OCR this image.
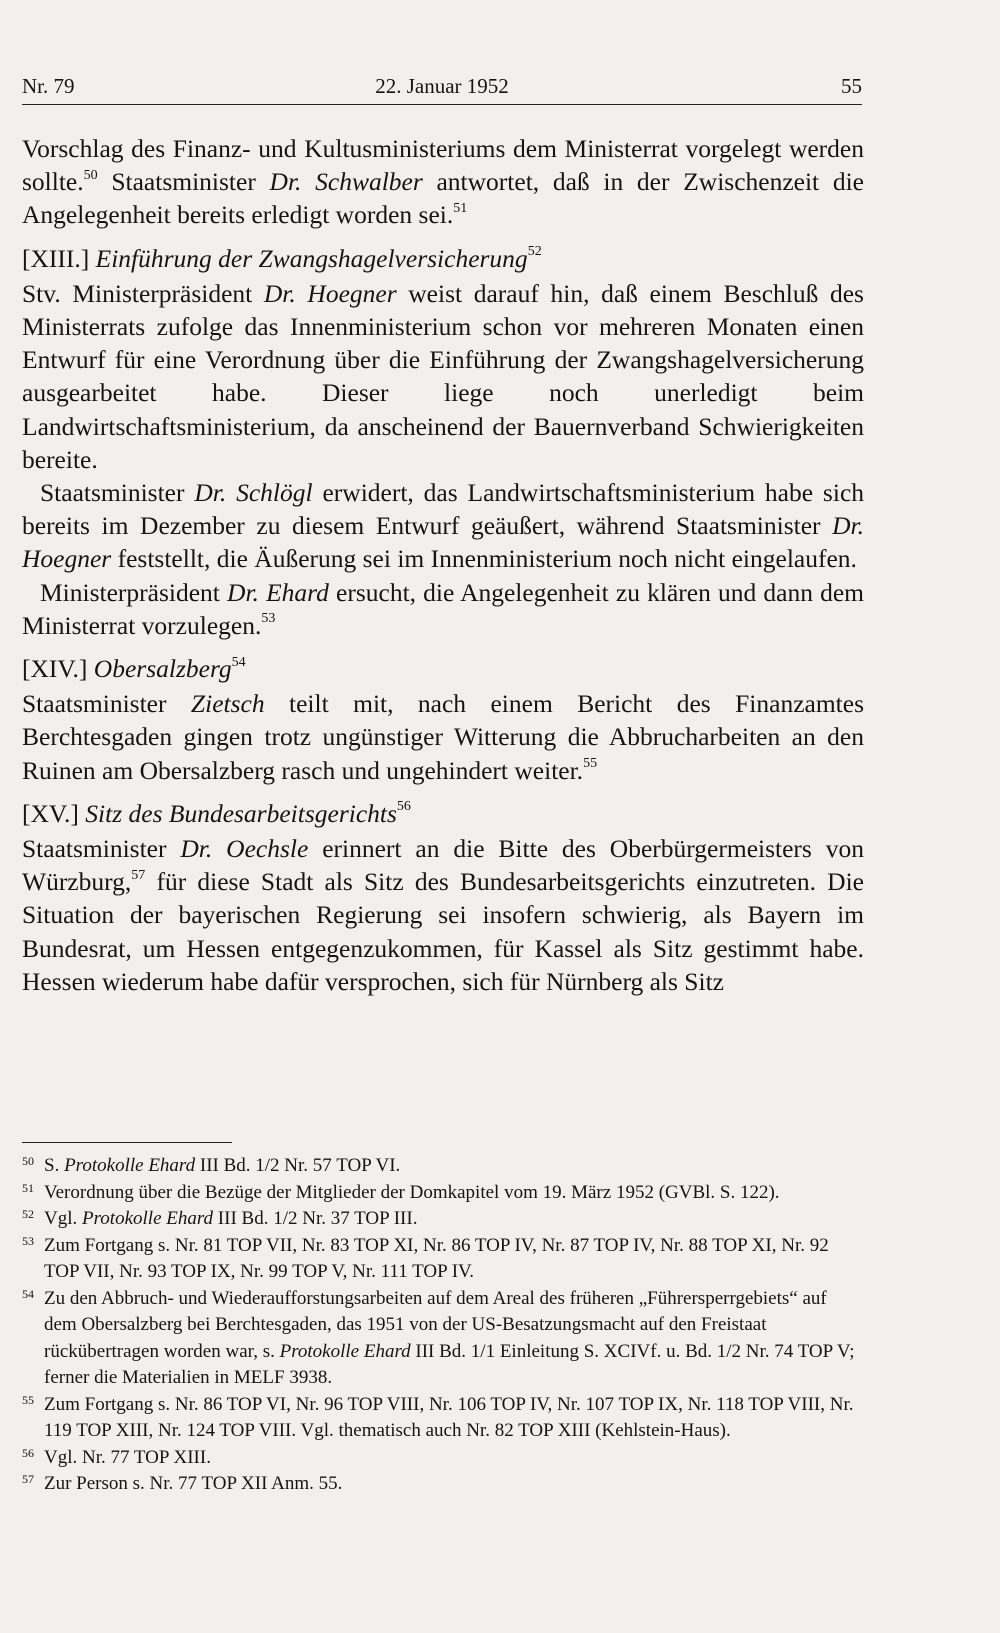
Nr. 79	22. Januar 1952	55

Vorschlag des Finanz- und Kultusministeriums dem Ministerrat vorgelegt werden sollte.$^{50}$ Staatsminister Dr. Schwalber antwortet, daß in der Zwischenzeit die Angelegenheit bereits erledigt worden sei.$^{51}$

[XIII.] Einführung der Zwangshagelversicherung$^{52}$

Stv. Ministerpräsident Dr. Hoegner weist darauf hin, daß einem Beschluß des Ministerrats zufolge das Innenministerium schon vor mehreren Monaten einen Entwurf für eine Verordnung über die Einführung der Zwangshagelversicherung ausgearbeitet habe. Dieser liege noch unerledigt beim Landwirtschaftsministerium, da anscheinend der Bauernverband Schwierigkeiten bereite.

Staatsminister Dr. Schlögl erwidert, das Landwirtschaftsministerium habe sich bereits im Dezember zu diesem Entwurf geäußert, während Staatsminister Dr. Hoegner feststellt, die Äußerung sei im Innenministerium noch nicht eingelaufen.

Ministerpräsident Dr. Ehard ersucht, die Angelegenheit zu klären und dann dem Ministerrat vorzulegen.$^{53}$

[XIV.] Obersalzberg$^{54}$

Staatsminister Zietsch teilt mit, nach einem Bericht des Finanzamtes Berchtesgaden gingen trotz ungünstiger Witterung die Abbrucharbeiten an den Ruinen am Obersalzberg rasch und ungehindert weiter.$^{55}$

[XV.] Sitz des Bundesarbeitsgerichts$^{56}$

Staatsminister Dr. Oechsle erinnert an die Bitte des Oberbürgermeisters von Würzburg,$^{57}$ für diese Stadt als Sitz des Bundesarbeitsgerichts einzutreten. Die Situation der bayerischen Regierung sei insofern schwierig, als Bayern im Bundesrat, um Hessen entgegenzukommen, für Kassel als Sitz gestimmt habe. Hessen wiederum habe dafür versprochen, sich für Nürnberg als Sitz

50 S. Protokolle Ehard III Bd. 1/2 Nr. 57 TOP VI.
51 Verordnung über die Bezüge der Mitglieder der Domkapitel vom 19. März 1952 (GVBl. S. 122).
52 Vgl. Protokolle Ehard III Bd. 1/2 Nr. 37 TOP III.
53 Zum Fortgang s. Nr. 81 TOP VII, Nr. 83 TOP XI, Nr. 86 TOP IV, Nr. 87 TOP IV, Nr. 88 TOP XI, Nr. 92 TOP VII, Nr. 93 TOP IX, Nr. 99 TOP V, Nr. 111 TOP IV.
54 Zu den Abbruch- und Wiederaufforstungsarbeiten auf dem Areal des früheren „Führersperrgebiets“ auf dem Obersalzberg bei Berchtesgaden, das 1951 von der US-Besatzungsmacht auf den Freistaat rückübertragen worden war, s. Protokolle Ehard III Bd. 1/1 Einleitung S. XCIVf. u. Bd. 1/2 Nr. 74 TOP V; ferner die Materialien in MELF 3938.
55 Zum Fortgang s. Nr. 86 TOP VI, Nr. 96 TOP VIII, Nr. 106 TOP IV, Nr. 107 TOP IX, Nr. 118 TOP VIII, Nr. 119 TOP XIII, Nr. 124 TOP VIII. Vgl. thematisch auch Nr. 82 TOP XIII (Kehlstein-Haus).
56 Vgl. Nr. 77 TOP XIII.
57 Zur Person s. Nr. 77 TOP XII Anm. 55.
